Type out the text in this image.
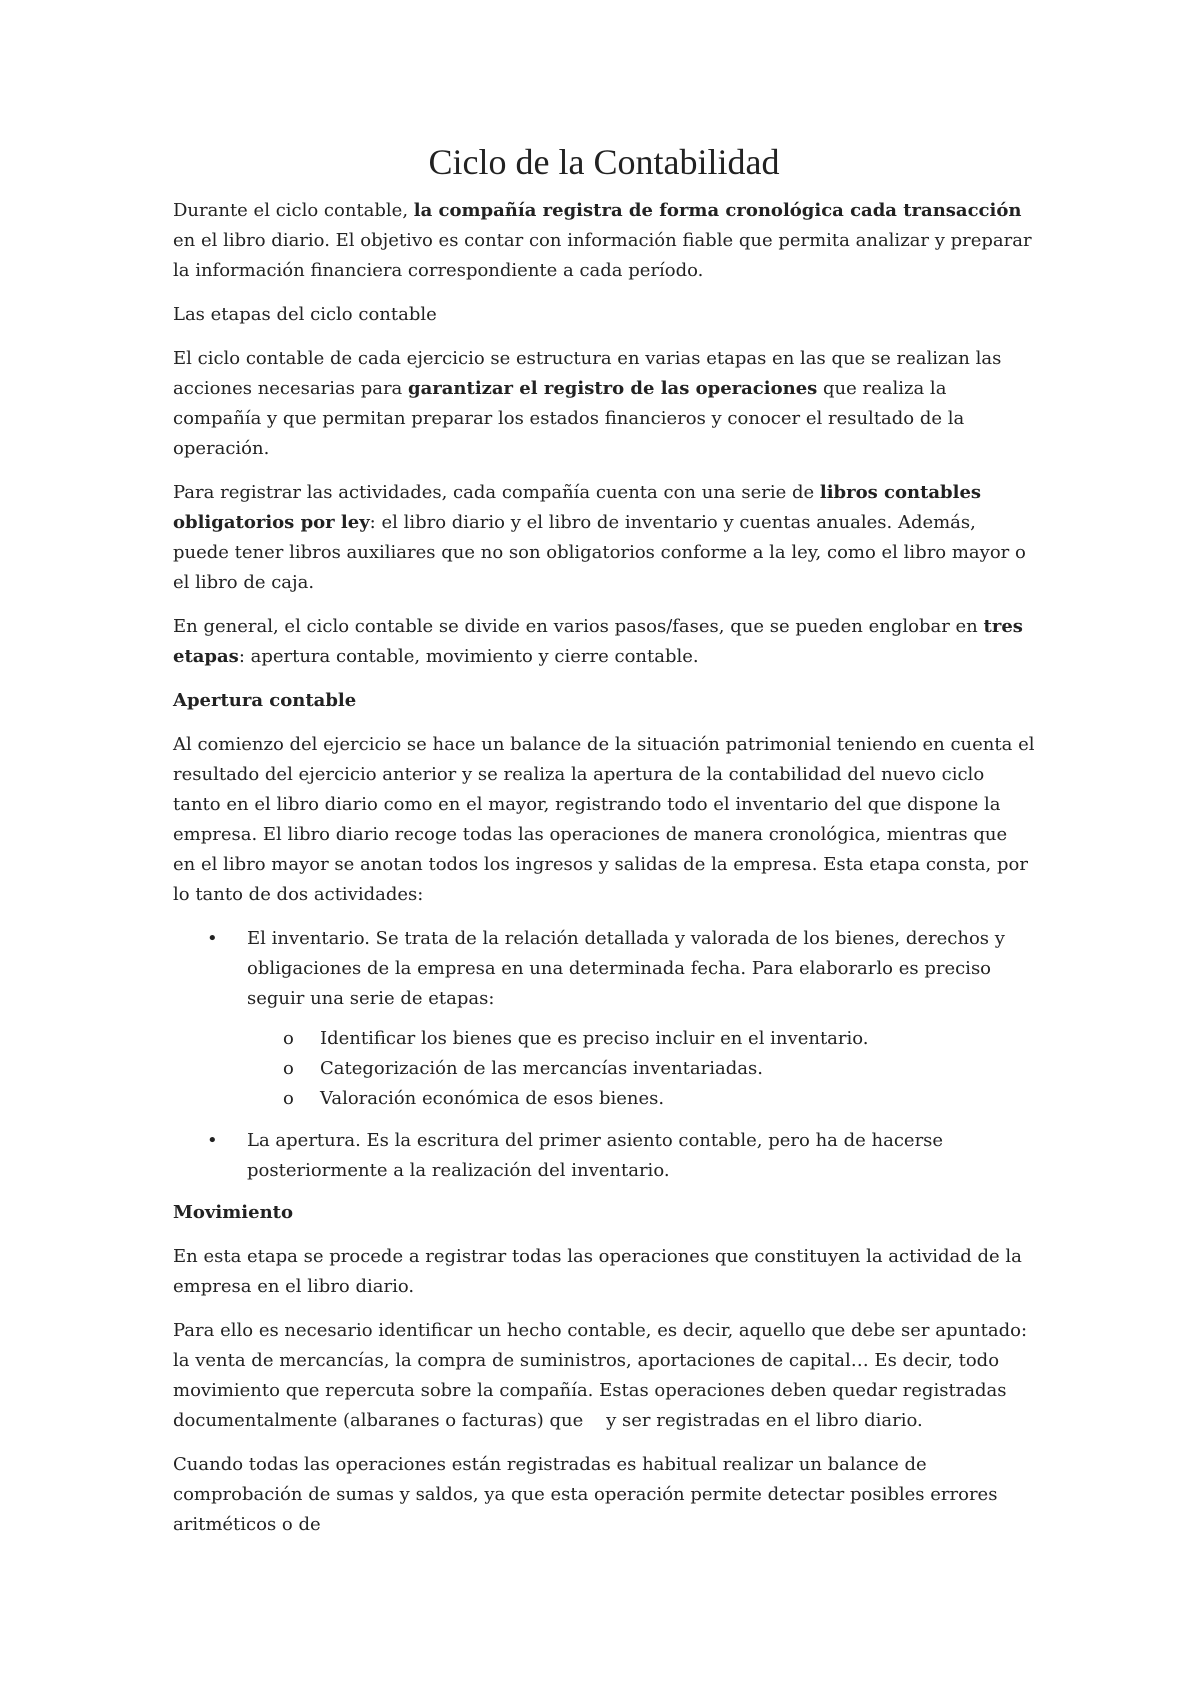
Ciclo de la Contabilidad

Durante el ciclo contable, la compañía registra de forma cronológica cada transacción en el libro diario. El objetivo es contar con información fiable que permita analizar y preparar la información financiera correspondiente a cada período.

Las etapas del ciclo contable

El ciclo contable de cada ejercicio se estructura en varias etapas en las que se realizan las acciones necesarias para garantizar el registro de las operaciones que realiza la compañía y que permitan preparar los estados financieros y conocer el resultado de la operación.

Para registrar las actividades, cada compañía cuenta con una serie de libros contables obligatorios por ley: el libro diario y el libro de inventario y cuentas anuales. Además, puede tener libros auxiliares que no son obligatorios conforme a la ley, como el libro mayor o el libro de caja.

En general, el ciclo contable se divide en varios pasos/fases, que se pueden englobar en tres etapas: apertura contable, movimiento y cierre contable.

Apertura contable

Al comienzo del ejercicio se hace un balance de la situación patrimonial teniendo en cuenta el resultado del ejercicio anterior y se realiza la apertura de la contabilidad del nuevo ciclo tanto en el libro diario como en el mayor, registrando todo el inventario del que dispone la empresa. El libro diario recoge todas las operaciones de manera cronológica, mientras que en el libro mayor se anotan todos los ingresos y salidas de la empresa. Esta etapa consta, por lo tanto de dos actividades:

• El inventario. Se trata de la relación detallada y valorada de los bienes, derechos y obligaciones de la empresa en una determinada fecha. Para elaborarlo es preciso seguir una serie de etapas:
o Identificar los bienes que es preciso incluir en el inventario.
o Categorización de las mercancías inventariadas.
o Valoración económica de esos bienes.
• La apertura. Es la escritura del primer asiento contable, pero ha de hacerse posteriormente a la realización del inventario.
Movimiento

En esta etapa se procede a registrar todas las operaciones que constituyen la actividad de la empresa en el libro diario.

Para ello es necesario identificar un hecho contable, es decir, aquello que debe ser apuntado: la venta de mercancías, la compra de suministros, aportaciones de capital… Es decir, todo movimiento que repercuta sobre la compañía. Estas operaciones deben quedar registradas documentalmente (albaranes o facturas) que    y ser registradas en el libro diario.

Cuando todas las operaciones están registradas es habitual realizar un balance de comprobación de sumas y saldos, ya que esta operación permite detectar posibles errores aritméticos o de
